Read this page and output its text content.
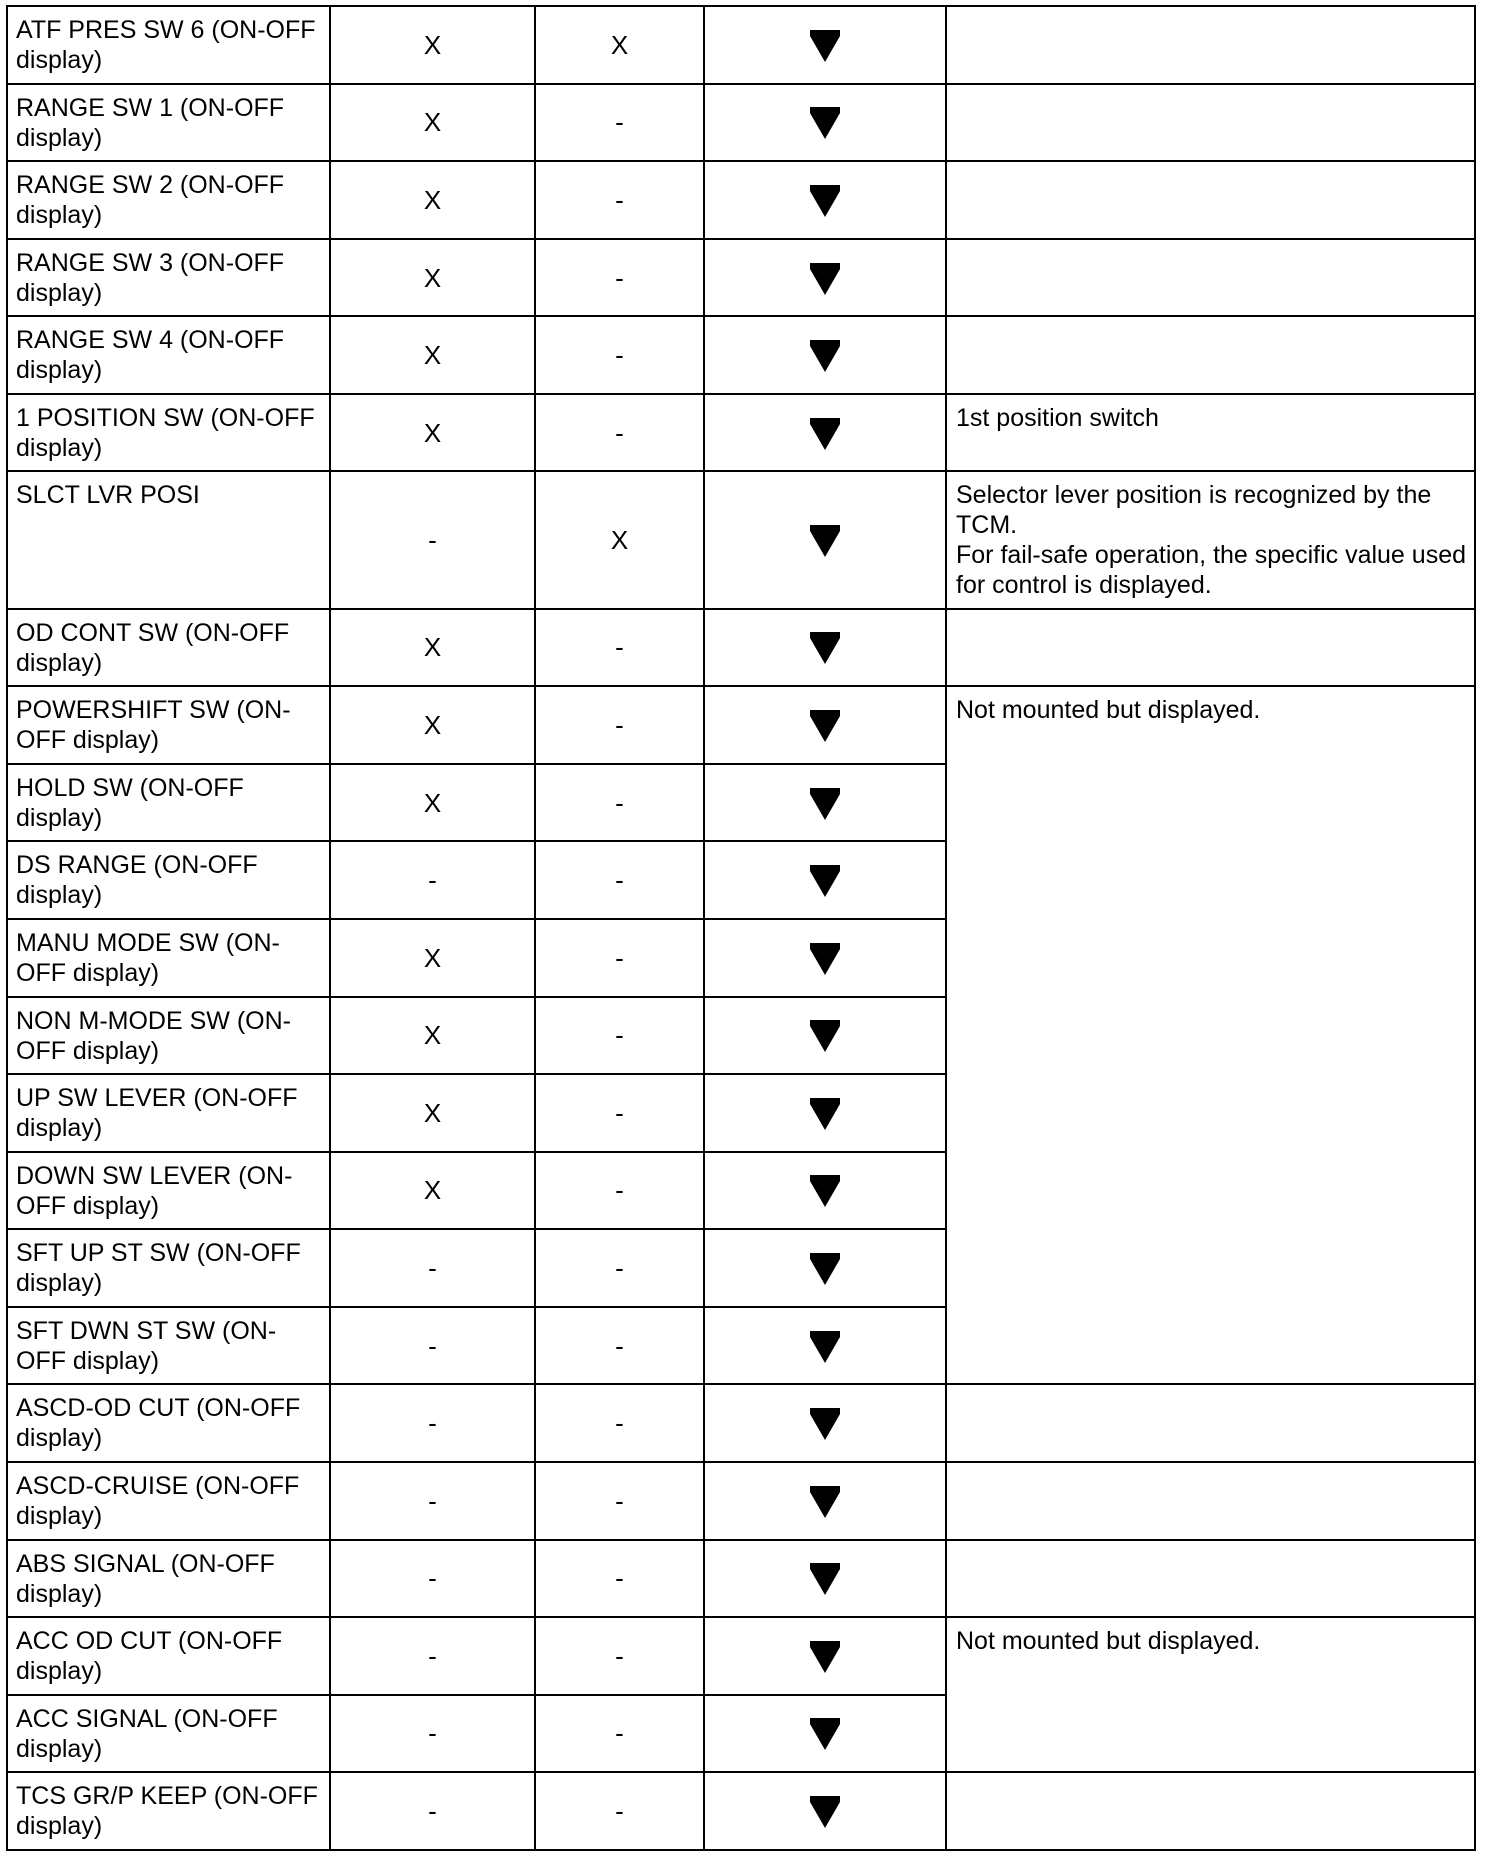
ATF PRES SW 6 (ON-OFF display)	X	X	

RANGE SW 1 (ON-OFF display)	X	-	

RANGE SW 2 (ON-OFF display)	X	-	

RANGE SW 3 (ON-OFF display)	X	-	

RANGE SW 4 (ON-OFF display)	X	-	

1 POSITION SW (ON-OFF display)	X	-		1st position switch
SLCT LVR POSI	-	X		Selector lever position is recognized by the TCM.
For fail-safe operation, the specific value used for control is displayed.

OD CONT SW (ON-OFF display)	X	-	

POWERSHIFT SW (ON-OFF display)	X	-		Not mounted but displayed.
HOLD SW (ON-OFF display)	X	-	

DS RANGE (ON-OFF display)	-	-	

MANU MODE SW (ON-OFF display)	X	-	

NON M-MODE SW (ON-OFF display)	X	-	

UP SW LEVER (ON-OFF display)	X	-	

DOWN SW LEVER (ON-OFF display)	X	-	

SFT UP ST SW (ON-OFF display)	-	-	

SFT DWN ST SW (ON-OFF display)	-	-	

ASCD-OD CUT (ON-OFF display)	-	-	

ASCD-CRUISE (ON-OFF display)	-	-	

ABS SIGNAL (ON-OFF display)	-	-	

ACC OD CUT (ON-OFF display)	-	-		Not mounted but displayed.
ACC SIGNAL (ON-OFF display)	-	-	

TCS GR/P KEEP (ON-OFF display)	-	-	
